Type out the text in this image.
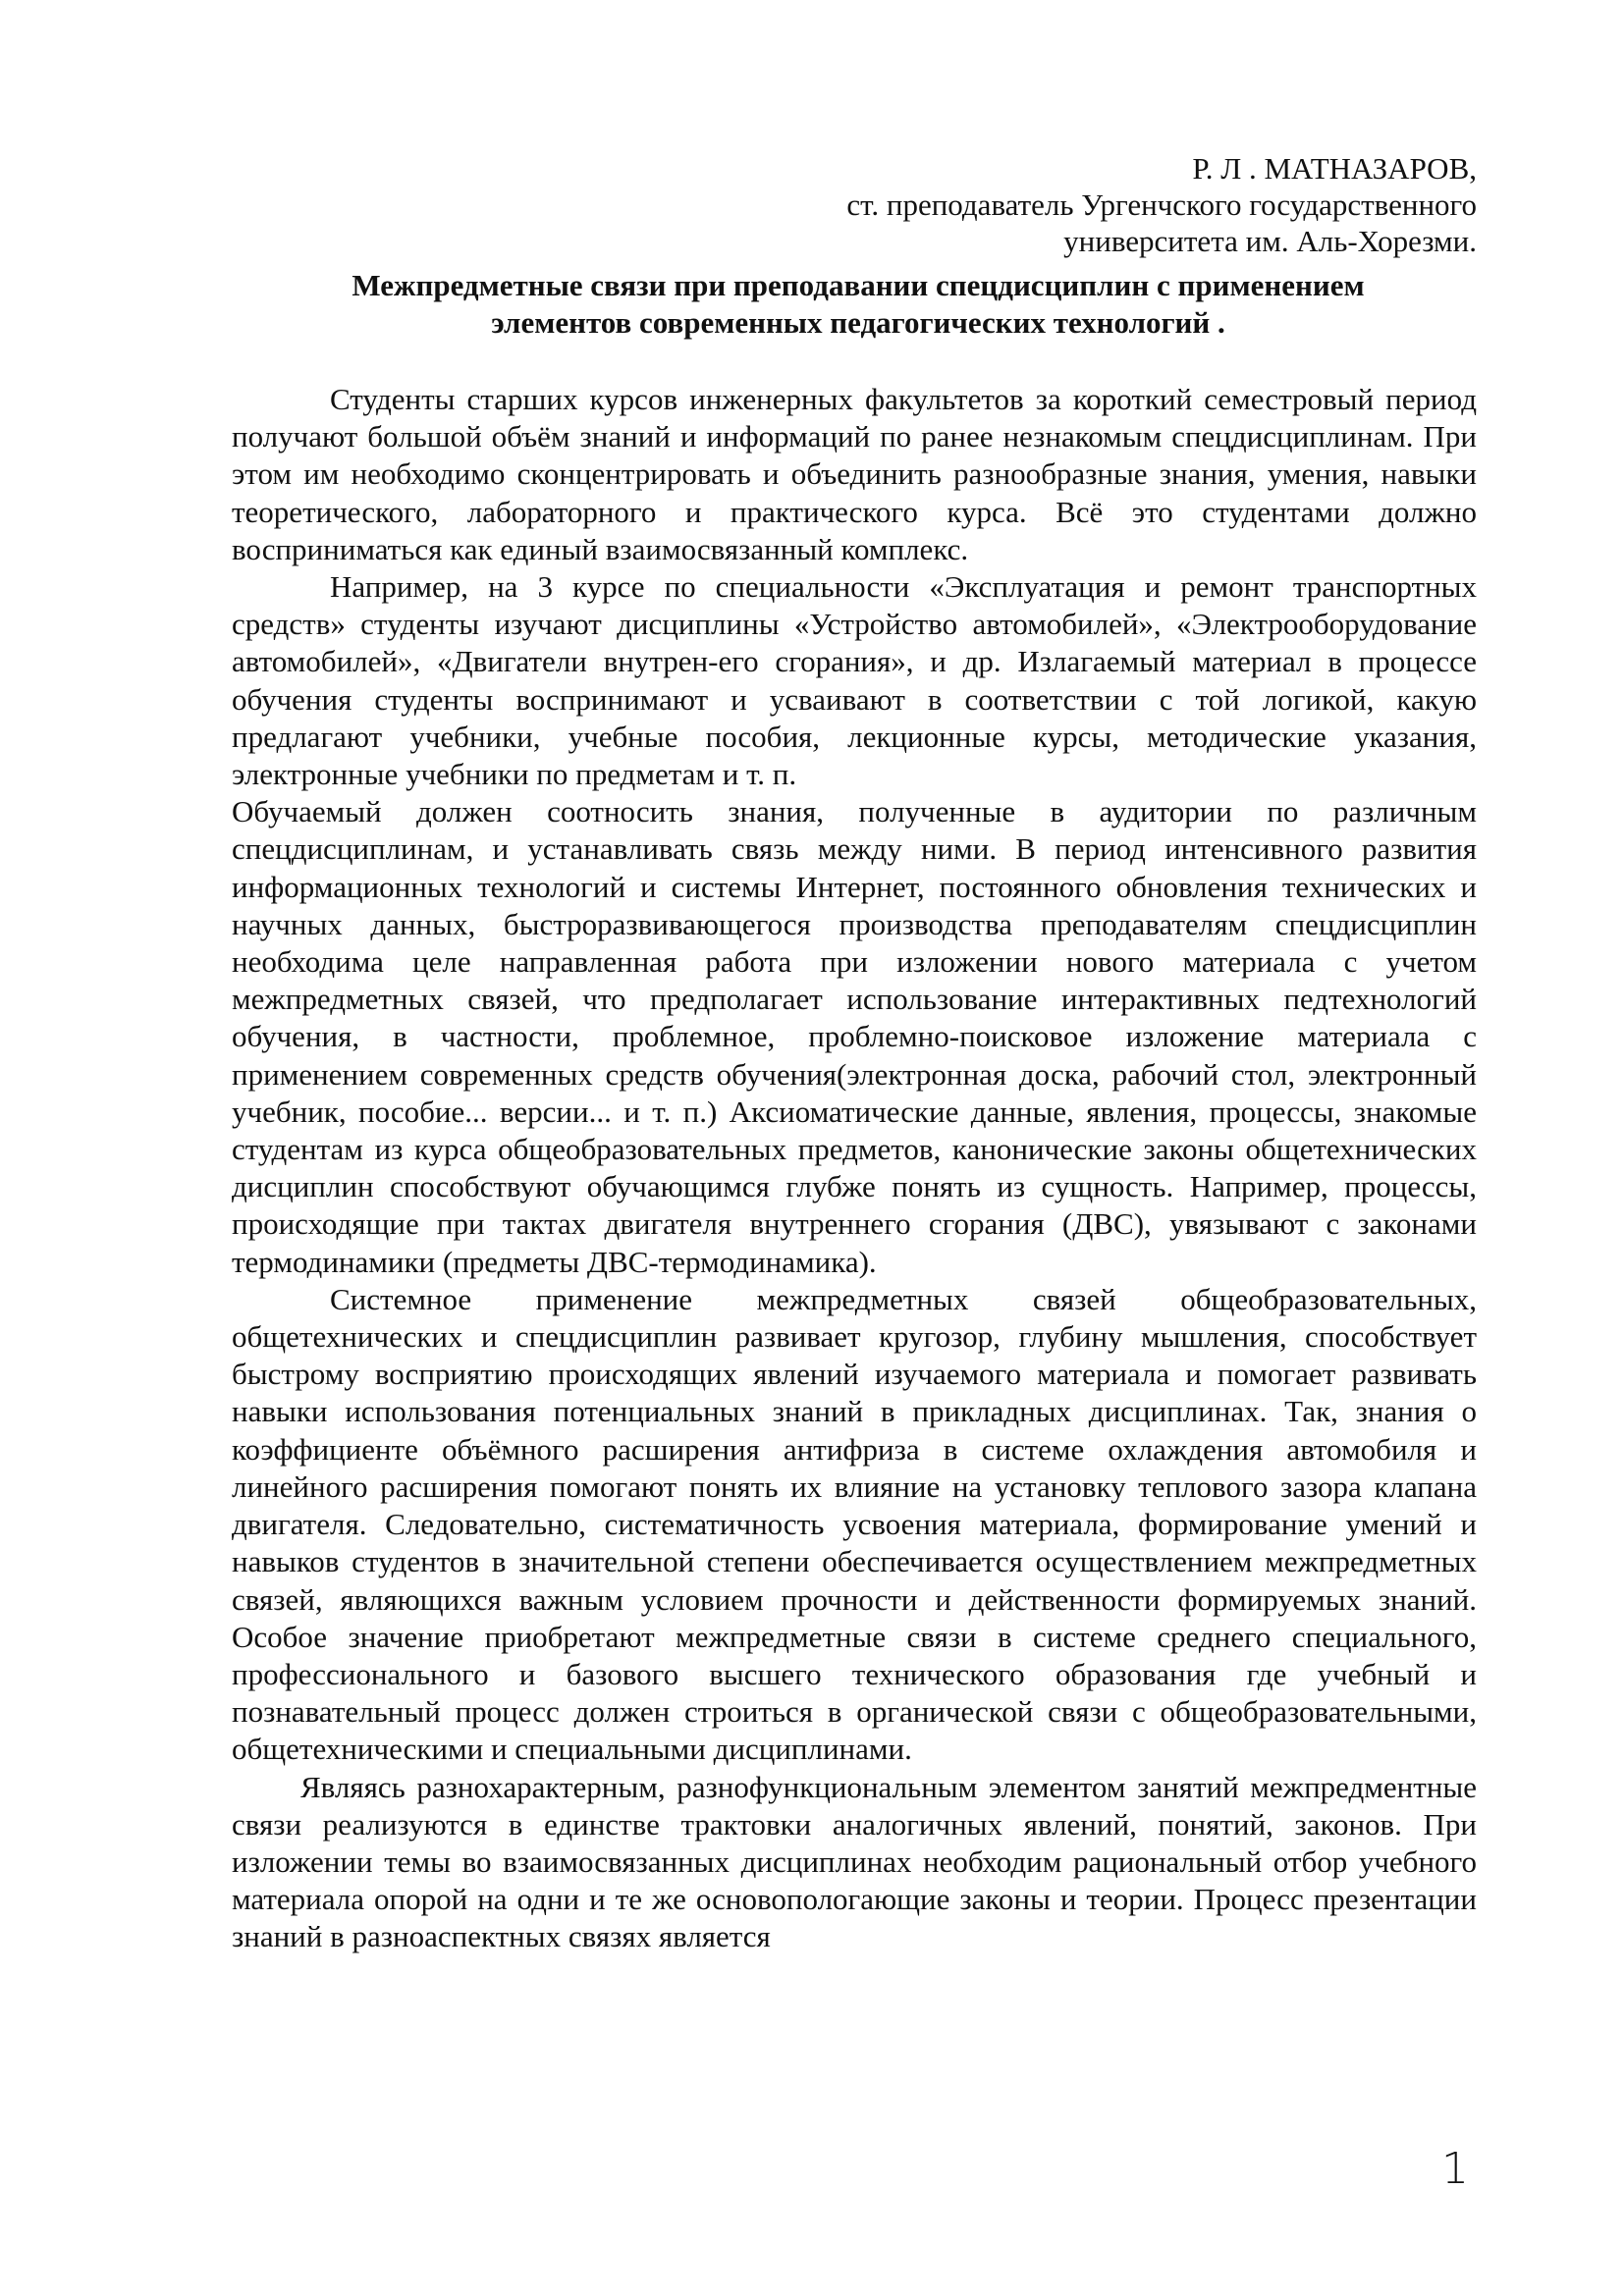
Р. Л . МАТНАЗАРОВ,
ст. преподаватель Ургенчского государственного
университета им. Аль-Хорезми.
Межпредметные связи при преподавании спецдисциплин с применением
элементов современных педагогических технологий .

Студенты старших курсов инженерных факультетов за короткий семестровый период получают большой объём знаний и информаций по ранее незнакомым спецдисциплинам. При этом им необходимо сконцентрировать и объединить разнообразные знания, умения, навыки теоретического, лабораторного и практического курса. Всё это студентами должно восприниматься как единый взаимосвязанный комплекс.

Например, на 3 курсе по специальности «Эксплуатация и ремонт транспортных средств» студенты изучают дисциплины «Устройство автомобилей», «Электрооборудование автомобилей», «Двигатели внутрен-его сгорания», и др. Излагаемый материал в процессе обучения студенты воспринимают и усваивают в соответствии с той логикой, какую предлагают учебники, учебные пособия, лекционные курсы, методические указания, электронные учебники по предметам и т. п.

Обучаемый должен соотносить знания, полученные в аудитории по различным спецдисциплинам, и устанавливать связь между ними. В период интенсивного развития информационных технологий и системы Интернет, постоянного обновления технических и научных данных, быстроразвивающегося производства преподавателям спецдисциплин необходима целе направленная работа при изложении нового материала с учетом межпредметных связей, что предполагает использование интерактивных педтехнологий обучения, в частности, проблемное, проблемно-поисковое изложение материала с применением современных средств обучения(электронная доска, рабочий стол, электронный учебник, пособие... версии... и т. п.) Аксиоматические данные, явления, процессы, знакомые студентам из курса общеобразовательных предметов, канонические законы общетехнических дисциплин способствуют обучающимся глубже понять из сущность. Например, процессы, происходящие при тактах двигателя внутреннего сгорания (ДВС), увязывают с законами термодинамики (предметы ДВС-термодинамика).

Системное применение межпредметных связей общеобразовательных, общетехнических и спецдисциплин развивает кругозор, глубину мышления, способствует быстрому восприятию происходящих явлений изучаемого материала и помогает развивать навыки использования потенциальных знаний в прикладных дисциплинах. Так, знания о коэффициенте объёмного расширения антифриза в системе охлаждения автомобиля и линейного расширения помогают понять их влияние на установку теплового зазора клапана двигателя. Следовательно, систематичность усвоения материала, формирование умений и навыков студентов в значительной степени обеспечивается осуществлением межпредметных связей, являющихся важным условием прочности и действенности формируемых знаний. Особое значение приобретают межпредметные связи в системе среднего специального, профессионального и базового высшего технического образования где учебный и познавательный процесс должен строиться в органической связи с общеобразовательными, общетехническими и специальными дисциплинами.

Являясь разнохарактерным, разнофункциональным элементом занятий межпредментные связи реализуются в единстве трактовки аналогичных явлений, понятий, законов. При изложении темы во взаимосвязанных дисциплинах необходим рациональный отбор учебного материала опорой на одни и те же основопологающие законы и теории. Процесс презентации знаний в разноаспектных связях является

1
